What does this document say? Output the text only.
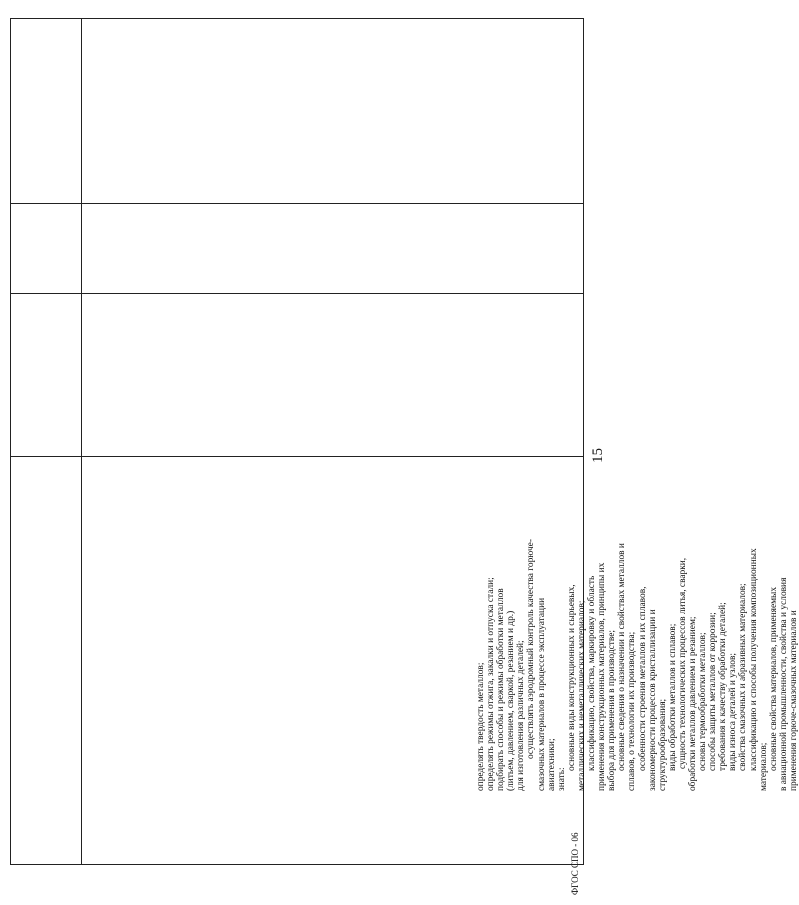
15
ФГОС СПО - 06
определять твердость металлов; определять режимы отжига, закалки и отпуска стали; подбирать способы и режимы обработки металлов (литьем, давлением, сваркой, резанием и др.) для изготовления различных деталей; осуществлять аэродромный контроль качества горюче- смазочных материалов в процессе эксплуатации авиатехники; знать:
основные виды конструкционных и сырьевых, металлических и неметаллических материалов; классификацию, свойства, маркировку и область применения конструкционных материалов, принципы их выбора для применения в производстве; основные сведения о назначении и свойствах металлов и сплавов, о технологии их производства; особенности строения металлов и их сплавов, закономерности процессов кристаллизации и структурообразования; виды обработки металлов и сплавов; сущность технологических процессов литья, сварки, обработки металлов давлением и резанием; основы термообработки металлов; способы защиты металлов от коррозии; требования к качеству обработки деталей; виды износа деталей и узлов; свойства смазочных и абразивных материалов; классификацию и способы получения композиционных материалов; основные свойства материалов, применяемых в авиационной промышленности, свойства и условия применения горюче-смазочных материалов и
